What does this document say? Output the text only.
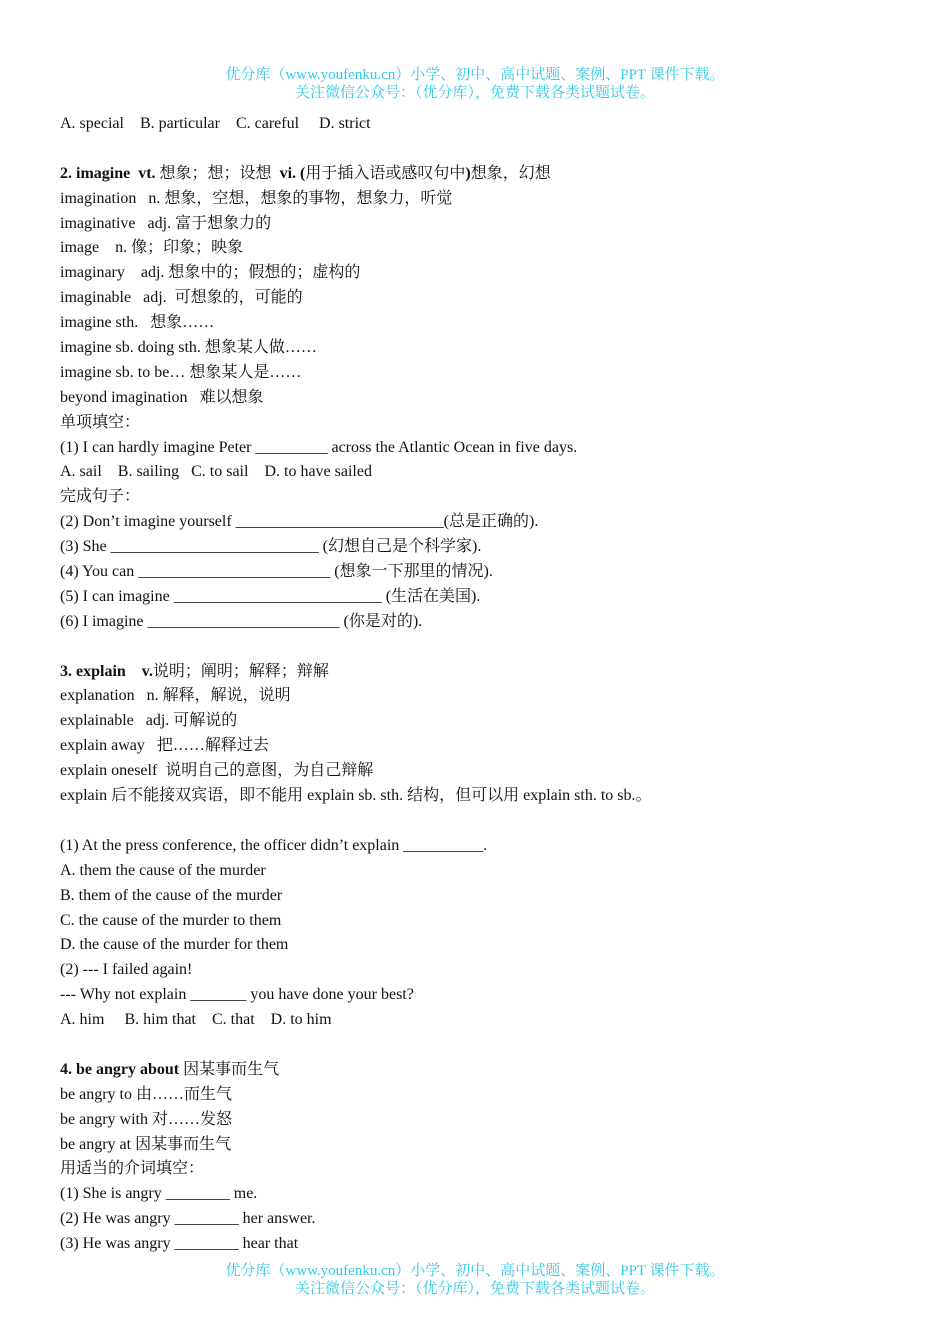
优分库（www.youfenku.cn）小学、初中、高中试题、案例、PPT 课件下载。
关注微信公众号：（优分库），免费下载各类试题试卷。
A. special    B. particular    C. careful     D. strict
2. imagine  vt. 想象；想；设想  vi. (用于插入语或感叹句中)想象，幻想
imagination   n. 想象，空想，想象的事物，想象力，听觉
imaginative   adj. 富于想象力的
image    n. 像；印象；映象
imaginary    adj. 想象中的；假想的；虚构的
imaginable   adj.  可想象的，可能的
imagine sth.   想象……
imagine sb. doing sth. 想象某人做……
imagine sb. to be… 想象某人是……
beyond imagination   难以想象
单项填空：
(1) I can hardly imagine Peter _________ across the Atlantic Ocean in five days.
A. sail    B. sailing   C. to sail    D. to have sailed
完成句子：
(2) Don’t imagine yourself __________________________(总是正确的).
(3) She __________________________ (幻想自己是个科学家).
(4) You can ________________________ (想象一下那里的情况).
(5) I can imagine __________________________ (生活在美国).
(6) I imagine ________________________ (你是对的).
3. explain    v.说明；阐明；解释；辩解
explanation   n. 解释，解说，说明
explainable   adj. 可解说的
explain away   把……解释过去
explain oneself  说明自己的意图，为自己辩解
explain 后不能接双宾语，即不能用 explain sb. sth. 结构，但可以用 explain sth. to sb.。
(1) At the press conference, the officer didn’t explain __________.
A. them the cause of the murder
B. them of the cause of the murder
C. the cause of the murder to them
D. the cause of the murder for them
(2) --- I failed again!
--- Why not explain _______ you have done your best?
A. him     B. him that    C. that    D. to him
4. be angry about 因某事而生气
be angry to 由……而生气
be angry with 对……发怒
be angry at 因某事而生气
用适当的介词填空：
(1) She is angry ________ me.
(2) He was angry ________ her answer.
(3) He was angry ________ hear that
优分库（www.youfenku.cn）小学、初中、高中试题、案例、PPT 课件下载。
关注微信公众号：（优分库），免费下载各类试题试卷。
